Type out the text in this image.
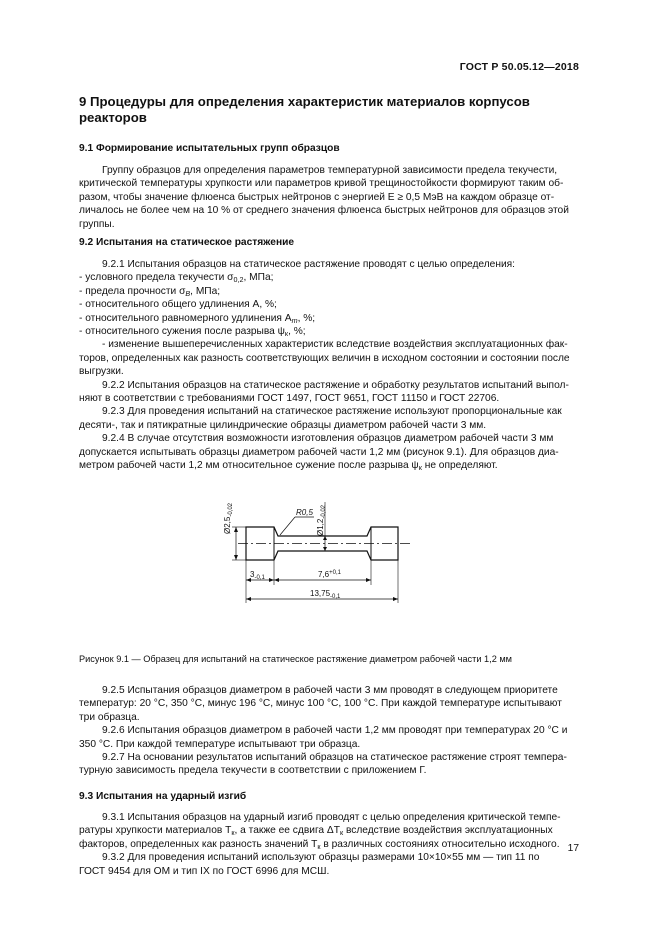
ГОСТ Р 50.05.12—2018
9 Процедуры для определения характеристик материалов корпусов
реакторов
9.1 Формирование испытательных групп образцов
Группу образцов для определения параметров температурной зависимости предела текучести,
критической температуры хрупкости или параметров кривой трещиностойкости формируют таким об-
разом, чтобы значение флюенса быстрых нейтронов с энергией E ≥ 0,5 МэВ на каждом образце от-
личалось не более чем на 10 % от среднего значения флюенса быстрых нейтронов для образцов этой
группы.
9.2 Испытания на статическое растяжение
9.2.1 Испытания образцов на статическое растяжение проводят с целью определения:
- условного предела текучести $\sigma_{0,2}$, МПа;
- предела прочности $\sigma_B$, МПа;
- относительного общего удлинения A, %;
- относительного равномерного удлинения $A_m$, %;
- относительного сужения после разрыва $\psi_к$, %;
- изменение вышеперечисленных характеристик вследствие воздействия эксплуатационных фак-
торов, определенных как разность соответствующих величин в исходном состоянии и состоянии после
выгрузки.
9.2.2 Испытания образцов на статическое растяжение и обработку результатов испытаний выпол-
няют в соответствии с требованиями ГОСТ 1497, ГОСТ 9651, ГОСТ 11150 и ГОСТ 22706.
9.2.3 Для проведения испытаний на статическое растяжение используют пропорциональные как
десяти-, так и пятикратные цилиндрические образцы диаметром рабочей части 3 мм.
9.2.4 В случае отсутствия возможности изготовления образцов диаметром рабочей части 3 мм
допускается испытывать образцы диаметром рабочей части 1,2 мм (рисунок 9.1). Для образцов диа-
метром рабочей части 1,2 мм относительное сужение после разрыва $\psi_к$ не определяют.
$Ø2,5_{-0,02}$
$Ø1,2_{-0,02}$
R0,5
$3_{-0,1}$	$7,6^{+0,1}$
$13,75_{-0,1}$
Рисунок 9.1 — Образец для испытаний на статическое растяжение диаметром рабочей части 1,2 мм
9.2.5 Испытания образцов диаметром в рабочей части 3 мм проводят в следующем приоритете
температур: 20 °C, 350 °C, минус 196 °C, минус 100 °C, 100 °C. При каждой температуре испытывают
три образца.
9.2.6 Испытания образцов диаметром в рабочей части 1,2 мм проводят при температурах 20 °C и
350 °C. При каждой температуре испытывают три образца.
9.2.7 На основании результатов испытаний образцов на статическое растяжение строят темпера-
турную зависимость предела текучести в соответствии с приложением Г.
9.3 Испытания на ударный изгиб
9.3.1 Испытания образцов на ударный изгиб проводят с целью определения критической темпе-
ратуры хрупкости материалов $T_к$, а также ее сдвига $\Delta T_к$ вследствие воздействия эксплуатационных
факторов, определенных как разность значений $T_к$ в различных состояниях относительно исходного.
9.3.2 Для проведения испытаний используют образцы размерами 10×10×55 мм — тип 11 по
ГОСТ 9454 для ОМ и тип IX по ГОСТ 6996 для МСШ.
17
